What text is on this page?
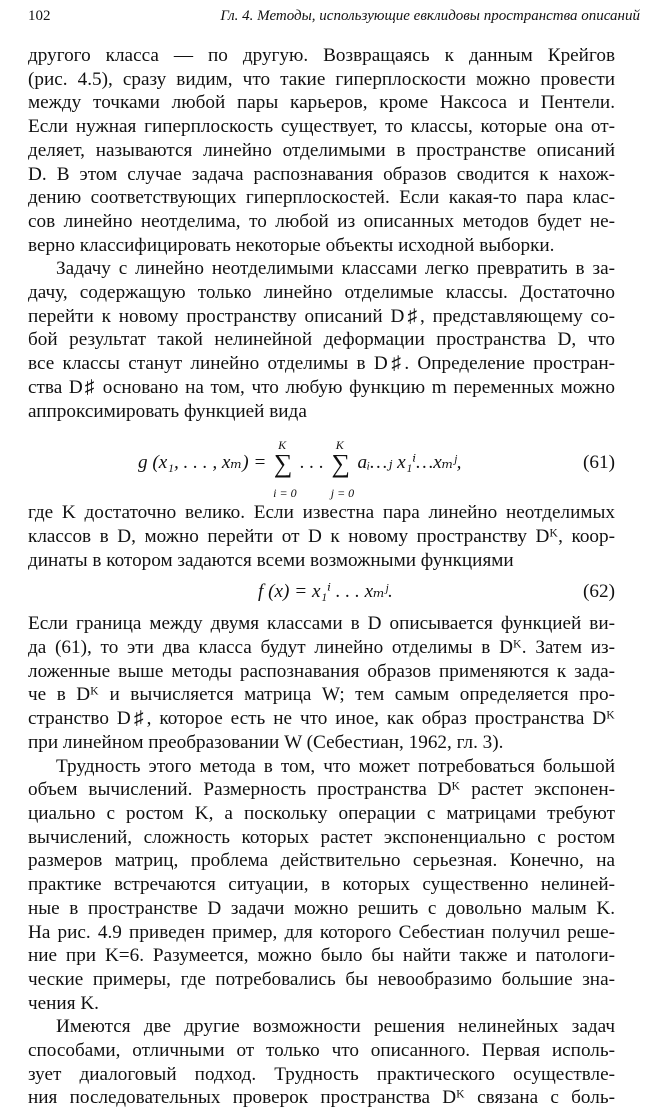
102	Гл. 4. Методы, использующие евклидовы пространства описаний
другого класса — по другую. Возвращаясь к данным Крейгов
(рис. 4.5), сразу видим, что такие гиперплоскости можно провести
между точками любой пары карьеров, кроме Наксоса и Пентели.
Если нужная гиперплоскость существует, то классы, которые она от-
деляет, называются линейно отделимыми в пространстве описаний
D. В этом случае задача распознавания образов сводится к нахож-
дению соответствующих гиперплоскостей. Если какая-то пара клас-
сов линейно неотделима, то любой из описанных методов будет не-
верно классифицировать некоторые объекты исходной выборки.
Задачу с линейно неотделимыми классами легко превратить в за-
дачу, содержащую только линейно отделимые классы. Достаточно
перейти к новому пространству описаний D♯, представляющему со-
бой результат такой нелинейной деформации пространства D, что
все классы станут линейно отделимы в D♯. Определение простран-
ства D♯ основано на том, что любую функцию m переменных можно
аппроксимировать функцией вида
g (x₁, . . . , xₘ) = ∑
K
i = 0
. . . ∑
K
j = 0
aᵢ…ⱼ x₁ⁱ…xₘʲ,	(61)
где K достаточно велико. Если известна пара линейно неотделимых
классов в D, можно перейти от D к новому пространству Dᴷ, коор-
динаты в котором задаются всеми возможными функциями
f (x) = x₁ⁱ . . . xₘʲ.	(62)
Если граница между двумя классами в D описывается функцией ви-
да (61), то эти два класса будут линейно отделимы в Dᴷ. Затем из-
ложенные выше методы распознавания образов применяются к зада-
че в Dᴷ и вычисляется матрица W; тем самым определяется про-
странство D♯, которое есть не что иное, как образ пространства Dᴷ
при линейном преобразовании W (Себестиан, 1962, гл. 3).
Трудность этого метода в том, что может потребоваться большой
объем вычислений. Размерность пространства Dᴷ растет экспонен-
циально с ростом K, а поскольку операции с матрицами требуют
вычислений, сложность которых растет экспоненциально с ростом
размеров матриц, проблема действительно серьезная. Конечно, на
практике встречаются ситуации, в которых существенно нелиней-
ные в пространстве D задачи можно решить с довольно малым K.
На рис. 4.9 приведен пример, для которого Себестиан получил реше-
ние при K=6. Разумеется, можно было бы найти также и патологи-
ческие примеры, где потребовались бы невообразимо большие зна-
чения K.
Имеются две другие возможности решения нелинейных задач
способами, отличными от только что описанного. Первая исполь-
зует диалоговый подход. Трудность практического осуществле-
ния последовательных проверок пространства Dᴷ связана с боль-
